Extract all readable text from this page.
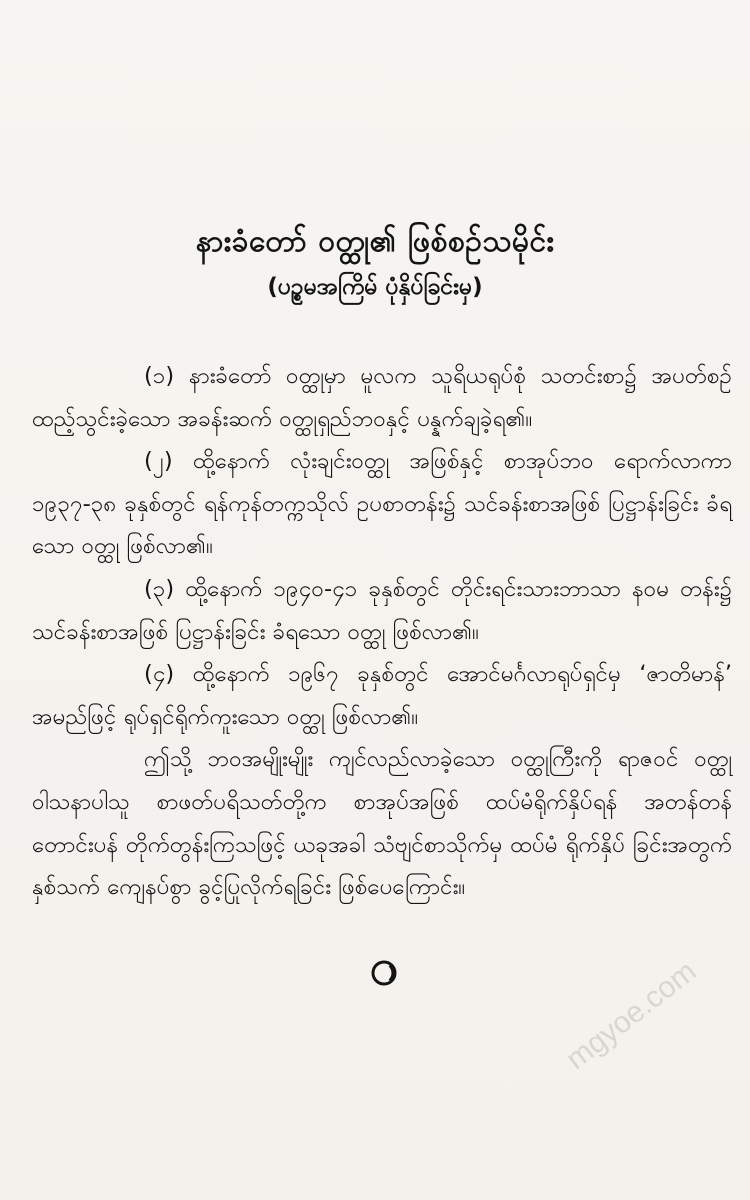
နားခံတော် ဝတ္ထု၏ ဖြစ်စဉ်သမိုင်း
(ပဥ္စမအကြိမ် ပုံနှိပ်ခြင်းမှ)

(၁) နားခံတော် ဝတ္ထုမှာ မူလက သူရိယရုပ်စုံ သတင်းစာ၌ အပတ်စဉ် ထည့်သွင်းခဲ့သော အခန်းဆက် ဝတ္ထုရှည်ဘဝနှင့် ပန္နက်ချခဲ့ရ၏။

(၂) ထို့နောက် လုံးချင်းဝတ္ထု အဖြစ်နှင့် စာအုပ်ဘဝ ရောက်လာကာ ၁၉၃၇-၃၈ ခုနှစ်တွင် ရန်ကုန်တက္ကသိုလ် ဥပစာတန်း၌ သင်ခန်းစာအဖြစ် ပြဋ္ဌာန်းခြင်း ခံရသော ဝတ္ထု ဖြစ်လာ၏။

(၃) ထို့နောက် ၁၉၄၀-၄၁ ခုနှစ်တွင် တိုင်းရင်းသားဘာသာ နဝမ တန်း၌ သင်ခန်းစာအဖြစ် ပြဋ္ဌာန်းခြင်း ခံရသော ဝတ္ထု ဖြစ်လာ၏။

(၄) ထို့နောက် ၁၉၆၇ ခုနှစ်တွင် အောင်မင်္ဂလာရုပ်ရှင်မှ ‘ဇာတိမာန်’ အမည်ဖြင့် ရုပ်ရှင်ရိုက်ကူးသော ဝတ္ထု ဖြစ်လာ၏။

ဤသို့ ဘဝအမျိုးမျိုး ကျင်လည်လာခဲ့သော ဝတ္ထုကြီးကို ရာဇဝင် ဝတ္ထု ဝါသနာပါသူ စာဖတ်ပရိသတ်တို့က စာအုပ်အဖြစ် ထပ်မံရိုက်နှိပ်ရန် အတန်တန် တောင်းပန် တိုက်တွန်းကြသဖြင့် ယခုအခါ သံဗျင်စာသိုက်မှ ထပ်မံ ရိုက်နှိပ် ခြင်းအတွက် နှစ်သက် ကျေနပ်စွာ ခွင့်ပြုလိုက်ရခြင်း ဖြစ်ပေကြောင်း။

mgyoe.com
